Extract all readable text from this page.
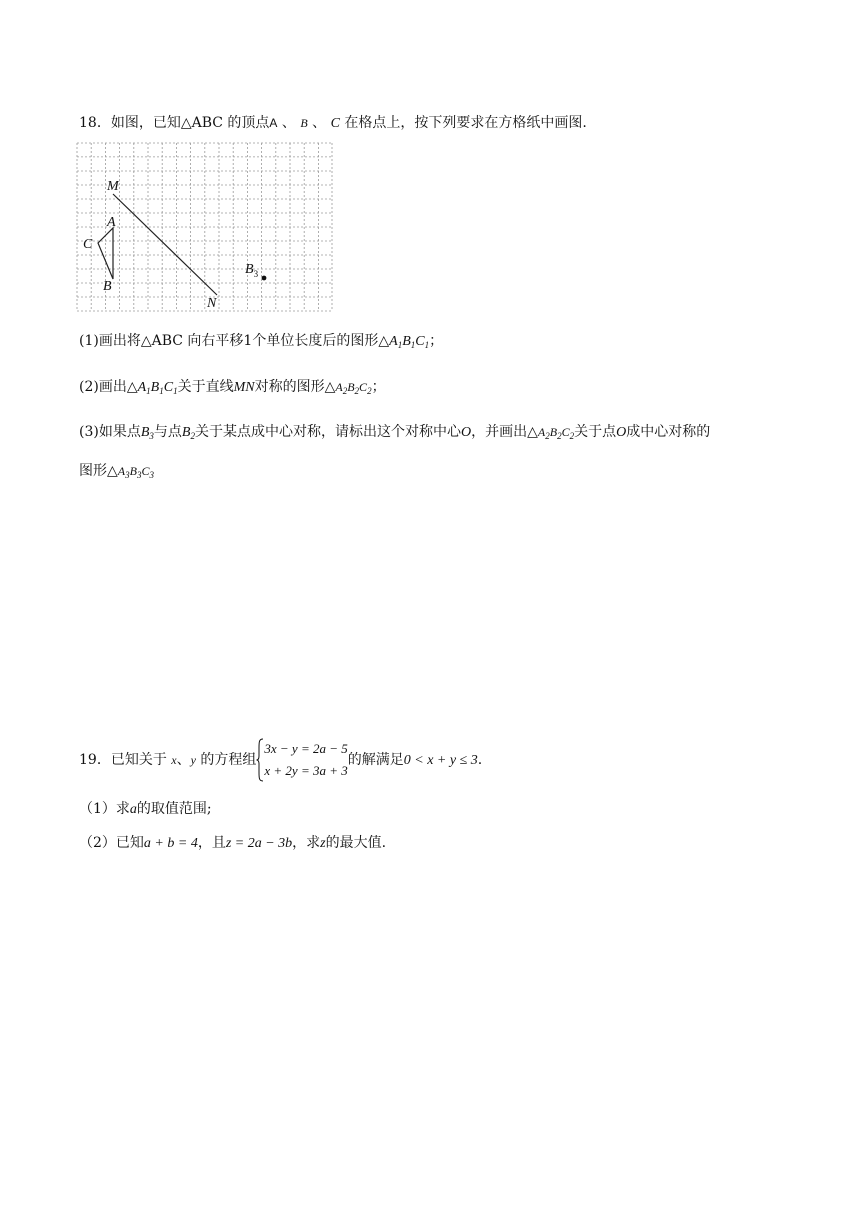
18．如图，已知△ABC 的顶点A 、 B 、 C 在格点上，按下列要求在方格纸中画图.
M
N
A
B
C
$B_3$
(1)画出将△ABC 向右平移1个单位长度后的图形$\triangle A_1B_1C_1$；
(2)画出$\triangle A_1B_1C_1$关于直线MN对称的图形$\triangle A_2B_2C_2$；
(3)如果点$B_3$与点$B_2$关于某点成中心对称，请标出这个对称中心O，并画出$\triangle A_2B_2C_2$关于点O成中心对称的
图形$\triangle A_3B_3C_3$
19．已知关于 x、y 的方程组
3x − y = 2a − 5
x + 2y = 3a + 3
的解满足0 < x + y ≤ 3.
（1）求a的取值范围;
（2）已知a + b = 4，且z = 2a − 3b，求z的最大值.
